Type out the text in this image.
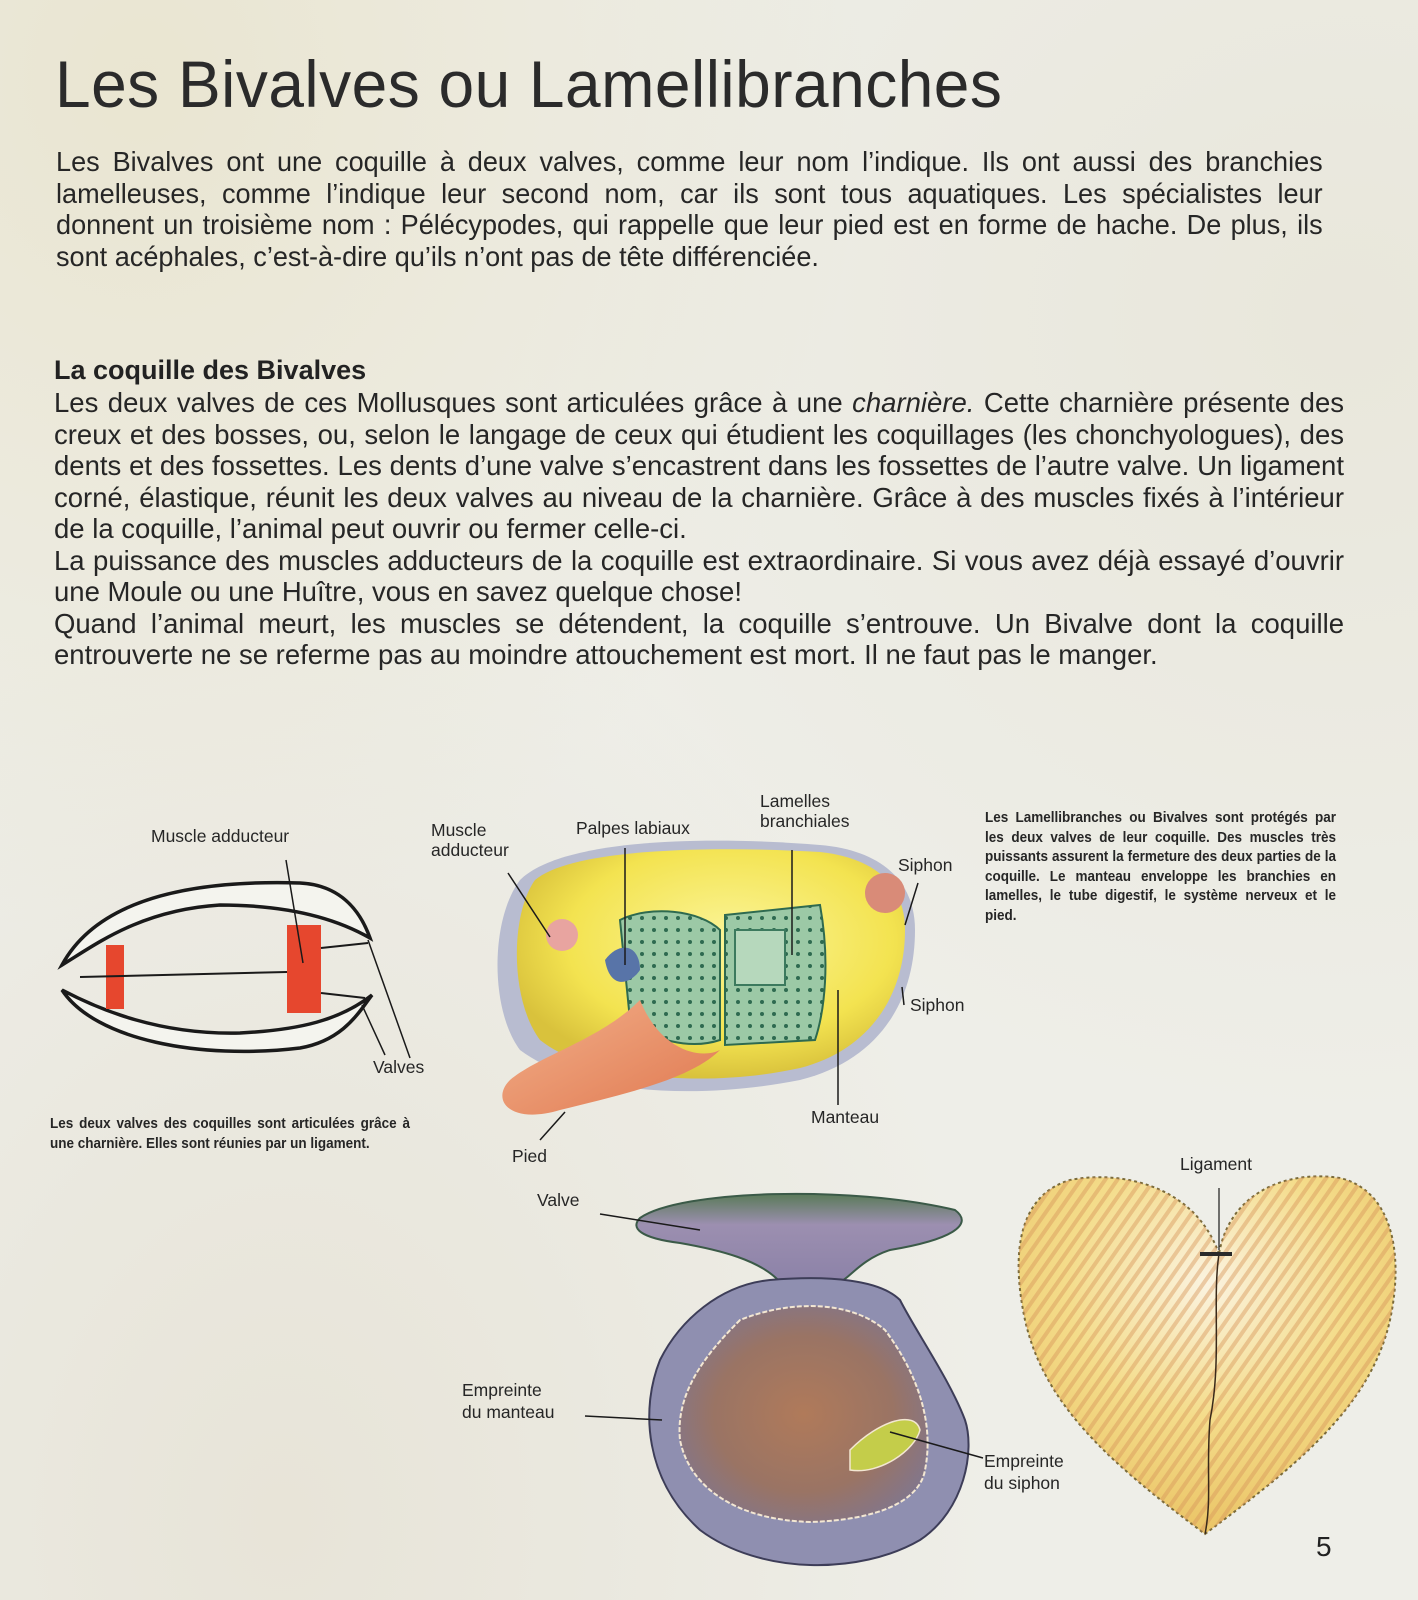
Les Bivalves ou Lamellibranches

Les Bivalves ont une coquille à deux valves, comme leur nom l’indique. Ils ont aussi des branchies lamelleuses, comme l’indique leur second nom, car ils sont tous aquatiques. Les spécialistes leur donnent un troisième nom : Pélécypodes, qui rappelle que leur pied est en forme de hache. De plus, ils sont acéphales, c’est-à-dire qu’ils n’ont pas de tête différenciée.

La coquille des Bivalves

Les deux valves de ces Mollusques sont articulées grâce à une charnière. Cette charnière présente des creux et des bosses, ou, selon le langage de ceux qui étudient les coquillages (les chonchyologues), des dents et des fossettes. Les dents d’une valve s’encastrent dans les fossettes de l’autre valve. Un ligament corné, élastique, réunit les deux valves au niveau de la charnière. Grâce à des muscles fixés à l’intérieur de la coquille, l’animal peut ouvrir ou fermer celle-ci.

La puissance des muscles adducteurs de la coquille est extraordinaire. Si vous avez déjà essayé d’ouvrir une Moule ou une Huître, vous en savez quelque chose!

Quand l’animal meurt, les muscles se détendent, la coquille s’entrouve. Un Bivalve dont la coquille entrouverte ne se referme pas au moindre attouchement est mort. Il ne faut pas le manger.

Muscle adducteur
Valves
Les deux valves des coquilles sont articulées grâce à une charnière. Elles sont réunies par un ligament.
Muscle
adducteur
Palpes labiaux
Lamelles
branchiales
Siphon
Siphon
Manteau
Pied
Les Lamellibranches ou Bivalves sont protégés par les deux valves de leur coquille. Des muscles très puissants assurent la fermeture des deux parties de la coquille. Le manteau enveloppe les branchies en lamelles, le tube digestif, le système nerveux et le pied.
Valve
Empreinte
du manteau
Empreinte
du siphon
Ligament
5
